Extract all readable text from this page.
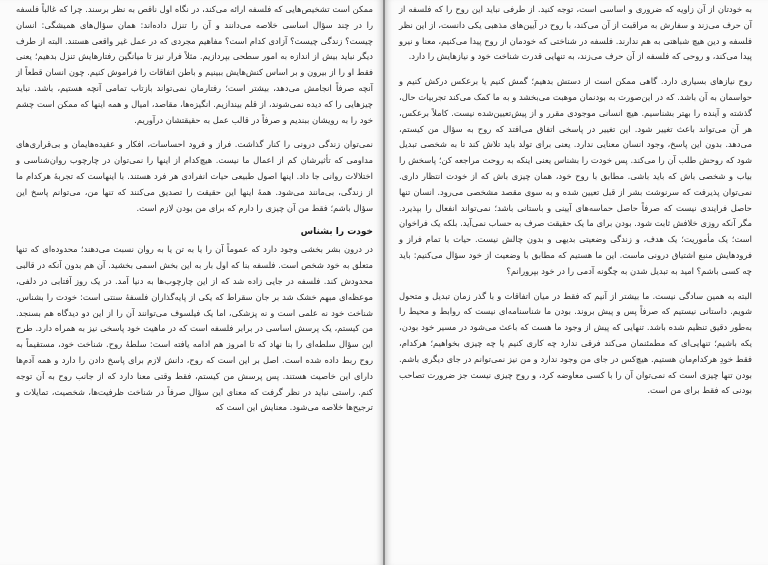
ممکن است تشخیص‌هایی که فلسفه ارائه می‌کند، در نگاه اول ناقص به نظر برسند. چرا که غالباً فلسفه را در چند سؤال اساسی خلاصه می‌دانند و آن را تنزل داده‌اند: همان سؤال‌های همیشگی: انسان چیست؟ زندگی چیست؟ آزادی کدام است؟ مفاهیم مجردی که در عمل غیر واقعی هستند. البته از طرف دیگر نباید بیش از اندازه به امور سطحی بپردازیم. مثلاً فرار نیز تا میانگین رفتارهایش تنزل بدهیم؛ یعنی فقط او را از بیرون و بر اساس کنش‌هایش ببینیم و باطن اتفاقات را فراموش کنیم. چون انسان قطعاً از آنچه صرفاً انجامش می‌دهد، بیشتر است؛ رفتارمان نمی‌تواند بازتاب تمامی آنچه هستیم، باشد. نباید چیزهایی را که دیده نمی‌شوند، از قلم بیندازیم. انگیزه‌ها، مقاصد، امیال و همه اینها که ممکن است چشم خود را به رویشان ببندیم و صرفاً در قالب عمل به حقیقتشان درآوریم.

نمی‌توان زندگی درونی را کنار گذاشت. فراز و فرود احساسات، افکار و عقیده‌هایمان و بی‌قراری‌های مداومی که تأثیرشان کم از اعمال ما نیست. هیچ‌کدام از اینها را نمی‌توان در چارچوب روان‌شناسی و اختلالات روانی جا داد. اینها اصول طبیعی حیات انفرادی هر فرد هستند. با اینهاست که تجربهٔ هرکدام ما از زندگی، بی‌مانند می‌شود. همهٔ اینها این حقیقت را تصدیق می‌کنند که تنها من، می‌توانم پاسخ این سؤال باشم؛ فقط من آن چیزی را دارم که برای من بودن لازم است.

خودت را بشناس

در درون بشر بخشی وجود دارد که عموماً آن را یا به تن یا به روان نسبت می‌دهند؛ محدوده‌ای که تنها متعلق به خود شخص است. فلسفه بنا که اول بار به این بخش اسمی بخشید. آن هم بدون آنکه در قالبی محدودش کند. فلسفه در جایی زاده شد که از این چارچوب‌ها به دنیا آمد. در یک روز آفتابی در دلفی، موعظه‌ای مبهم خشک شد بر جان سقراط که یکی از پایه‌گذاران فلسفهٔ سنتی است: خودت را بشناس. شناخت خود نه علمی است و نه پزشکی، اما یک فیلسوف می‌توانند آن را از این دو دیدگاه هم بسنجد. من کیستم، یک پرسش اساسی در برابر فلسفه است که در ماهیت خود پاسخی نیز به همراه دارد. طرح این سؤال سلطه‌ای را بنا نهاد که تا امروز هم ادامه یافته است: سلطهٔ روح. شناخت خود، مستقیماً به روح ربط داده شده است. اصل بر این است که روح، دانش لازم برای پاسخ دادن را دارد و همه آدم‌ها دارای این خاصیت هستند. پس پرسش من کیستم، فقط وقتی معنا دارد که از جانب روح به آن توجه کنم. راستی نباید در نظر گرفت که معنای این سؤال صرفاً در شناخت ظرفیت‌ها، شخصیت، تمایلات و ترجیح‌ها خلاصه می‌شود. معنایش این است که

به خودتان از آن زاویه که ضروری و اساسی است، توجه کنید. از طرفی نباید این روح را که فلسفه از آن حرف می‌زند و سفارش به مراقبت از آن می‌کند، با روح در آیین‌های مذهبی یکی دانست، از این نظر فلسفه و دین هیچ شباهتی به هم ندارند. فلسفه در شناختی که خودمان از روح پیدا می‌کنیم، معنا و نیرو پیدا می‌کند، و روحی که فلسفه از آن حرف می‌زند، به تنهایی قدرت شناخت خود و نیازهایش را دارد.

روح نیازهای بسیاری دارد. گاهی ممکن است از دستش بدهیم؛ گمش کنیم یا برعکس درکش کنیم و حواسمان به آن باشد. که در این‌صورت به بودنمان موهبت می‌بخشد و به ما کمک می‌کند تجربیات حال، گذشته و آینده را بهتر بشناسیم. هیچ انسانی موجودی مقرر و از پیش‌تعیین‌شده نیست. کاملاً برعکس، هر آن می‌تواند باعث تغییر شود. این تغییر در پاسخی اتفاق می‌افتد که روح به سؤال من کیستم، می‌دهد. بدون این پاسخ، وجود انسان معنایی ندارد. یعنی برای تولد باید تلاش کند تا به شخصی تبدیل شود که روحش طلب آن را می‌کند. پس خودت را بشناس یعنی اینکه به روحت مراجعه کن؛ پاسخش را بیاب و شخصی باش که باید باشی. مطابق با روح خود، همان چیزی باش که از خودت انتظار داری. نمی‌توان پذیرفت که سرنوشت بشر از قبل تعیین شده و به سوی مقصد مشخصی می‌رود. انسان تنها حاصل فرایندی نیست که صرفاً حاصل حماسه‌های آیینی و باستانی باشد؛ نمی‌تواند انفعال را بپذیرد. مگر آنکه روزی خلافش ثابت شود. بودن برای ما یک حقیقت صرف به حساب نمی‌آید. بلکه یک فراخوان است؛ یک مأموریت؛ یک هدف، و زندگی وضعیتی بدیهی و بدون چالش نیست. حیات با تمام فراز و فرودهایش منبع اشتیاق درونی ماست. این ما هستیم که مطابق با وضعیت از خود سؤال می‌کنیم: باید چه کسی باشم؟ امید به تبدیل شدن به چگونه آدمی را در خود بپرورانم؟

البته به همین سادگی نیست. ما بیشتر از آنیم که فقط در میان اتفاقات و با گذر زمان تبدیل و متحول شویم. داستانی نیستیم که صرفاً پس و پیش بروند. بودن ما شناسنامه‌ای نیست که روابط و محیط را به‌طور دقیق تنظیم شده باشد. تنهایی که پیش از وجود ما هست که باعث می‌شود در مسیر خود بودن، یکه باشیم؛ تنهایی‌ای که مطمئنمان می‌کند فرقی ندارد چه کاری کنیم یا چه چیزی بخواهیم؛ هرکدام، فقط خودِ هرکدام‌مان هستیم. هیچ‌کس در جای من وجود ندارد و من نیز نمی‌توانم در جای دیگری باشم. بودن تنها چیزی است که نمی‌توان آن را با کسی معاوضه کرد، و روح چیزی نیست جز ضرورت تصاحب بودنی که فقط برای من است.
